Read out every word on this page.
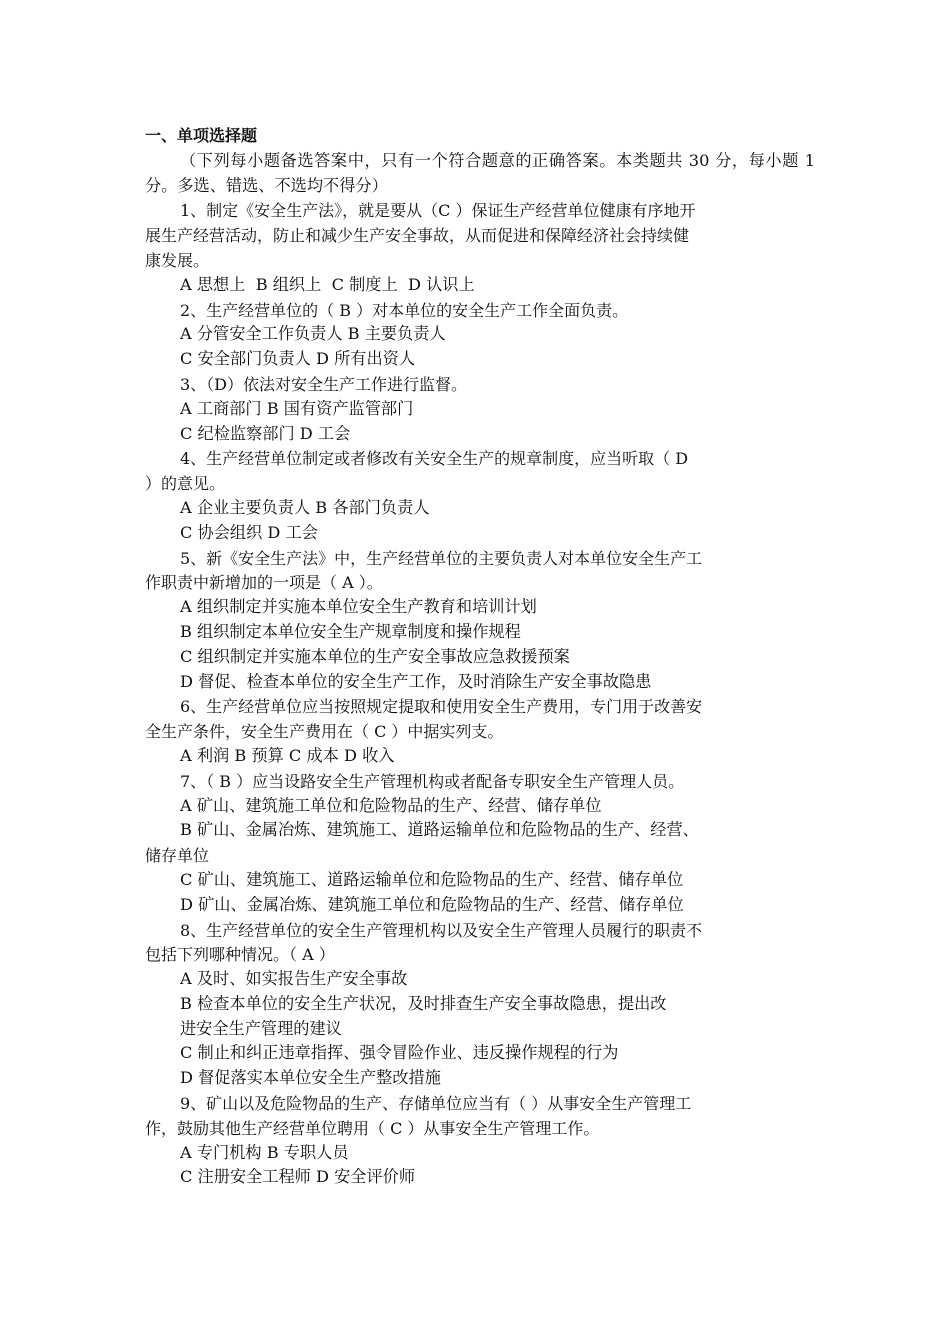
一、单项选择题

（下列每小题备选答案中，只有一个符合题意的正确答案。本类题共 30 分，每小题 1 分。多选、错选、不选均不得分）

1、制定《安全生产法》，就是要从（C ）保证生产经营单位健康有序地开
展生产经营活动，防止和减少生产安全事故，从而促进和保障经济社会持续健
康发展。
A 思想上  B 组织上  C 制度上  D 认识上
2、生产经营单位的（ B ）对本单位的安全生产工作全面负责。
A 分管安全工作负责人 B 主要负责人
C 安全部门负责人 D 所有出资人
3、（D）依法对安全生产工作进行监督。
A 工商部门 B 国有资产监管部门
C 纪检监察部门 D 工会
4、生产经营单位制定或者修改有关安全生产的规章制度，应当听取（ D
）的意见。
A 企业主要负责人 B 各部门负责人
C 协会组织 D 工会
5、新《安全生产法》中，生产经营单位的主要负责人对本单位安全生产工
作职责中新增加的一项是（ A ）。
A 组织制定并实施本单位安全生产教育和培训计划
B 组织制定本单位安全生产规章制度和操作规程
C 组织制定并实施本单位的生产安全事故应急救援预案
D 督促、检查本单位的安全生产工作，及时消除生产安全事故隐患
6、生产经营单位应当按照规定提取和使用安全生产费用，专门用于改善安
全生产条件，安全生产费用在（ C ）中据实列支。
A 利润 B 预算 C 成本 D 收入
7、（ B ）应当设路安全生产管理机构或者配备专职安全生产管理人员。
A 矿山、建筑施工单位和危险物品的生产、经营、储存单位
B 矿山、金属冶炼、建筑施工、道路运输单位和危险物品的生产、经营、
储存单位
C 矿山、建筑施工、道路运输单位和危险物品的生产、经营、储存单位
D 矿山、金属冶炼、建筑施工单位和危险物品的生产、经营、储存单位
8、生产经营单位的安全生产管理机构以及安全生产管理人员履行的职责不
包括下列哪种情况。（ A ）
A 及时、如实报告生产安全事故
B 检查本单位的安全生产状况，及时排查生产安全事故隐患，提出改
进安全生产管理的建议
C 制止和纠正违章指挥、强令冒险作业、违反操作规程的行为
D 督促落实本单位安全生产整改措施
9、矿山以及危险物品的生产、存储单位应当有（ ）从事安全生产管理工
作，鼓励其他生产经营单位聘用（ C ）从事安全生产管理工作。
A 专门机构 B 专职人员
C 注册安全工程师 D 安全评价师
